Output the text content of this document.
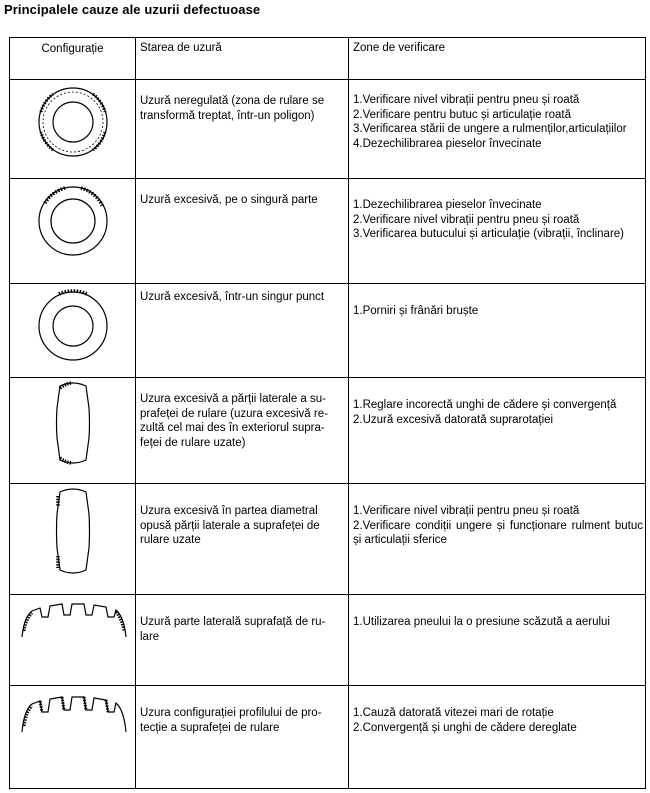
Principalele cauze ale uzurii defectuoase
Configurație	Starea de uzură	Zone de verificare

Uzură neregulată (zona de rulare se
transformă treptat, într-un poligon)	1.Verificare nivel vibrații pentru pneu și roată
2.Verificare pentru butuc și articulație roată
3.Verificarea stării de ungere a rulmenților,articulațiilor
4.Dezechilibrarea pieselor învecinate

Uzură excesivă, pe o singură parte	1.Dezechilibrarea pieselor învecinate
2.Verificare nivel vibrații pentru pneu și roată
3.Verificarea butucului și articulație (vibrații, înclinare)

Uzură excesivă, într-un singur punct	1.Porniri și frânări bruște

Uzura excesivă a părții laterale a su-
prafeței de rulare (uzura excesivă re-
zultă cel mai des în exteriorul supra-
feței de rulare uzate)	1.Reglare incorectă unghi de cădere și convergență
2.Uzură excesivă datorată suprarotației

Uzura excesivă în partea diametral
opusă părții laterale a suprafeței de
rulare uzate	1.Verificare nivel vibrații pentru pneu și roată
2.Verificare condiții ungere și funcționare rulment butuc și articulații sferice

Uzură parte laterală suprafață de ru-
lare	1.Utilizarea pneului la o presiune scăzută a aerului

Uzura configurației profilului de pro-
tecție a suprafeței de rulare	1.Cauză datorată vitezei mari de rotație
2.Convergență și unghi de cădere dereglate
